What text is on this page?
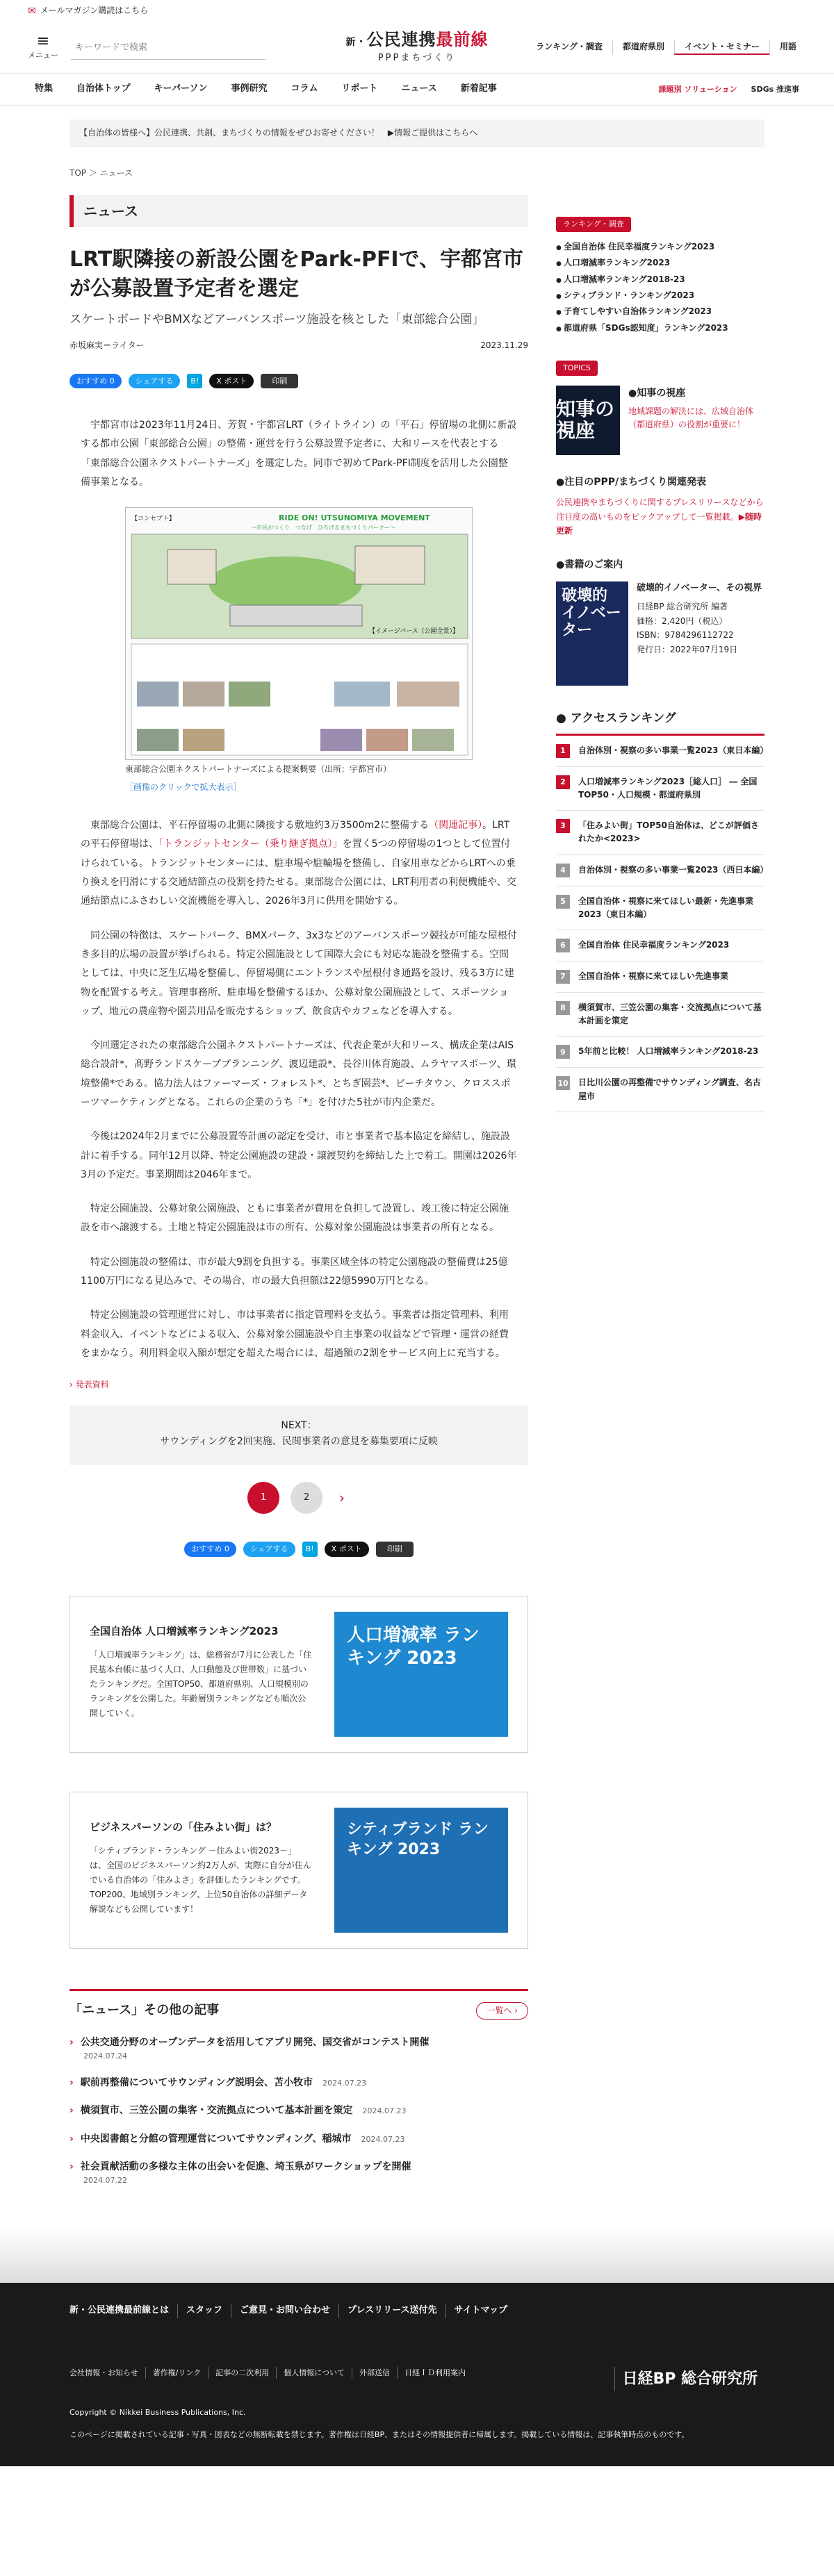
✉ メールマガジン購読はこちら
≡
メニュー
キーワードで検索
新・公民連携最前線
PPPまちづくり
ランキング・調査	都道府県別	イベント・セミナー	用語
特集	自治体トップ	キーパーソン	事例研究	コラム	リポート	ニュース	新着記事	課題別 ソリューション SDGs 推進事
【自治体の皆様へ】公民連携、共創、まちづくりの情報をぜひお寄せください！　▶情報ご提供はこちらへ
TOP ＞ ニュース
ニュース
LRT駅隣接の新設公園をPark-PFIで、宇都宮市が公募設置予定者を選定
スケートボードやBMXなどアーバンスポーツ施設を核とした「東部総合公園」
赤坂麻実＝ライター	2023.11.29
おすすめ 0	シェアする	B!	X ポスト	印刷

宇都宮市は2023年11月24日、芳賀・宇都宮LRT（ライトライン）の「平石」停留場の北側に新設する都市公園「東部総合公園」の整備・運営を行う公募設置予定者に、大和リースを代表とする「東部総合公園ネクストパートナーズ」を選定した。同市で初めてPark-PFI制度を活用した公園整備事業となる。

RIDE ON! UTSUNOMIYA MOVEMENT
～市民がつくり　つなげ　ひろげるまちづくりパークー～
【コンセプト】
【イメージパース（公園全景）】
東部総合公園ネクストパートナーズによる提案概要（出所：宇都宮市）
［画像のクリックで拡大表示］

東部総合公園は、平石停留場の北側に隣接する敷地約3万3500m2に整備する（関連記事）。LRTの平石停留場は、「トランジットセンター（乗り継ぎ拠点）」を置く5つの停留場の1つとして位置付けられている。トランジットセンターには、駐車場や駐輪場を整備し、自家用車などからLRTへの乗り換えを円滑にする交通結節点の役割を持たせる。東部総合公園には、LRT利用者の利便機能や、交通結節点にふさわしい交流機能を導入し、2026年3月に供用を開始する。

同公園の特徴は、スケートパーク、BMXパーク、3x3などのアーバンスポーツ競技が可能な屋根付き多目的広場の設置が挙げられる。特定公園施設として国際大会にも対応な施設を整備する。空間としては、中央に芝生広場を整備し、停留場側にエントランスや屋根付き通路を設け、残る3方に建物を配置する考え。管理事務所、駐車場を整備するほか、公募対象公園施設として、スポーツショップ、地元の農産物や園芸用品を販売するショップ、飲食店やカフェなどを導入する。

今回選定されたの東部総合公園ネクストパートナーズは、代表企業が大和リース、構成企業はAIS総合設計*、髙野ランドスケーププランニング、渡辺建設*、長谷川体育施設、ムラヤマスポーツ、環境整備*である。協力法人はファーマーズ・フォレスト*、とちぎ園芸*、ビーチタウン、クロススポーツマーケティングとなる。これらの企業のうち「*」を付けた5社が市内企業だ。

今後は2024年2月までに公募設置等計画の認定を受け、市と事業者で基本協定を締結し、施設設計に着手する。同年12月以降、特定公園施設の建設・譲渡契約を締結した上で着工。開園は2026年3月の予定だ。事業期間は2046年まで。

特定公園施設、公募対象公園施設、ともに事業者が費用を負担して設置し、竣工後に特定公園施設を市へ譲渡する。土地と特定公園施設は市の所有、公募対象公園施設は事業者の所有となる。

特定公園施設の整備は、市が最大9割を負担する。事業区域全体の特定公園施設の整備費は25億1100万円になる見込みで、その場合、市の最大負担額は22億5990万円となる。

特定公園施設の管理運営に対し、市は事業者に指定管理料を支払う。事業者は指定管理料、利用料金収入、イベントなどによる収入、公募対象公園施設や自主事業の収益などで管理・運営の経費をまかなう。利用料金収入額が想定を超えた場合には、超過額の2割をサービス向上に充当する。

› 発表資料
NEXT：
サウンディングを2回実施、民間事業者の意見を募集要項に反映
1	2	›
おすすめ 0	シェアする	B!	X ポスト	印刷
全国自治体 人口増減率ランキング2023
「人口増減率ランキング」は、総務省が7月に公表した「住民基本台帳に基づく人口、人口動態及び世帯数」に基づいたランキングだ。全国TOP50、都道府県別、人口規模別のランキングを公開した。年齢層別ランキングなども順次公開していく。
人口増減率 ランキング 2023
ビジネスパーソンの「住みよい街」は？
「シティブランド・ランキング －住みよい街2023－」は、全国のビジネスパーソン約2万人が、実際に自分が住んでいる自治体の「住みよさ」を評価したランキングです。TOP200、地域別ランキング、上位50自治体の詳細データ解説なども公開しています！
シティブランド ランキング 2023
「ニュース」その他の記事	一覧へ ›
› 公共交通分野のオープンデータを活用してアプリ開発、国交省がコンテスト開催
2024.07.24
› 駅前再整備についてサウンディング説明会、苫小牧市 2024.07.23
› 横須賀市、三笠公園の集客・交流拠点について基本計画を策定 2024.07.23
› 中央図書館と分館の管理運営についてサウンディング、稲城市 2024.07.23
› 社会貢献活動の多様な主体の出会いを促進、埼玉県がワークショップを開催
2024.07.22
ランキング・調査
● 全国自治体 住民幸福度ランキング2023
● 人口増減率ランキング2023
● 人口増減率ランキング2018-23
● シティブランド・ランキング2023
● 子育てしやすい自治体ランキング2023
● 都道府県「SDGs認知度」ランキング2023
TOPICS
知事の視座
●知事の視座
地域課題の解決には、広域自治体（都道府県）の役割が重要に！
●注目のPPP/まちづくり関連発表
公民連携やまちづくりに関するプレスリリースなどから注目度の高いものをピックアップして一覧掲載。▶随時更新
●書籍のご案内
破壊的イノベーター
破壊的イノベーター、その視界
日経BP 総合研究所 編著
価格：2,420円（税込）
ISBN：9784296112722
発行日：2022年07月19日
● アクセスランキング
1	自治体別・視察の多い事業一覧2023（東日本編）
2	人口増減率ランキング2023［総人口］ ― 全国TOP50・人口規模・都道府県別
3	「住みよい街」TOP50自治体は、どこが評価されたか<2023>
4	自治体別・視察の多い事業一覧2023（西日本編）
5	全国自治体・視察に来てほしい最新・先進事業2023（東日本編）
6	全国自治体 住民幸福度ランキング2023
7	全国自治体・視察に来てほしい先進事業
8	横須賀市、三笠公園の集客・交流拠点について基本計画を策定
9	5年前と比較！ 人口増減率ランキング2018-23
10 日比川公園の再整備でサウンディング調査、名古屋市
新・公民連携最前線とは	スタッフ	ご意見・お問い合わせ	プレスリリース送付先	サイトマップ
会社情報・お知らせ	著作権/リンク	記事の二次利用	個人情報について	外部送信	日経ＩＤ利用案内	日経BP 総合研究所
Copyright © Nikkei Business Publications, Inc.
このページに掲載されている記事・写真・図表などの無断転載を禁じます。著作権は日経BP、またはその情報提供者に帰属します。掲載している情報は、記事執筆時点のものです。
